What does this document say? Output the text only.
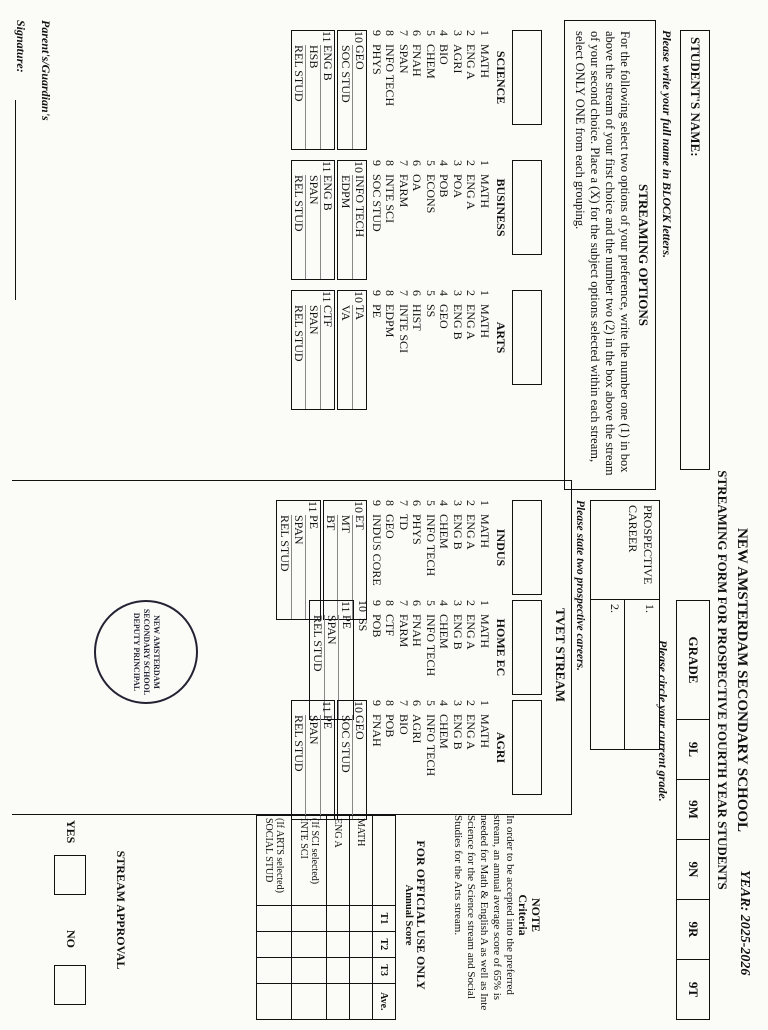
NEW AMSTERDAM SECONDARY SCHOOL
STREAMING FORM FOR PROSPECTIVE FOURTH YEAR STUDENTS
YEAR: 2025-2026
GRADE
9L
9M
9N
9R
9T
Please circle your current grade.
STUDENT'S NAME:
Please write your full name in BLOCK letters.
STREAMING OPTIONS
For the following select two options of your preference, write the number one (1) in box above the stream of your first choice and the number two (2) in the box above the stream of your second choice. Place a (X) for the subject options selected within each stream, select ONLY ONE from each grouping.
PROSPECTIVE CAREER
1.
2.
Please state two prospective careers.
TVET STREAM
SCIENCE
1
MATH
2
ENG A
3
AGRI
4
BIO
5
CHEM
6
FNAH
7
SPAN
8
INFO TECH
9
PHYS
10
GEO
SOC STUD
11
ENG B
HSB
REL STUD
BUSINESS
1
MATH
2
ENG A
3
POA
4
POB
5
ECONS
6
OA
7
FARM
8
INTE SCI
9
SOC STUD
10
INFO TECH
EDPM
11
ENG B
SPAN
REL STUD
ARTS
1
MATH
2
ENG A
3
ENG B
4
GEO
5
SS
6
HIST
7
INTE SCI
8
EDPM
9
PE
10
TA
VA
11
CTF
SPAN
REL STUD
INDUS
1
MATH
2
ENG A
3
ENG B
4
CHEM
5
INFO TECH
6
PHYS
7
TD
8
GEO
9
INDUS CORE
10
ET
MT
BT
11
PE
SPAN
REL STUD
HOME EC
1
MATH
2
ENG A
3
ENG B
4
CHEM
5
INFO TECH
6
FNAH
7
FARM
8
CTF
9
POB
10
SS
11
PE
SPAN
REL STUD
AGRI
1
MATH
2
ENG A
3
ENG B
4
CHEM
5
INFO TECH
6
AGRI
7
BIO
8
POB
9
FNAH
10
GEO
SOC STUD
11
PE
SPAN
REL STUD
NOTE
Criteria
In order to be accepted into the preferred stream, an annual average score of 65% is needed for Math & English A as well as Inte Science for the Science stream and Social Studies for the Arts stream.
FOR OFFICIAL USE ONLY
Annual Score
	T1	T2	T3	Ave.
MATH				
ENG A				
(If SCI selected) INTE SCI				
(If ARTS selected) SOCIAL STUD				
STREAM APPROVAL
YES
NO
NEW AMSTERDAM SECONDARY SCHOOL DEPUTY PRINCIPAL
Parent's/Guardian's
Signature:
